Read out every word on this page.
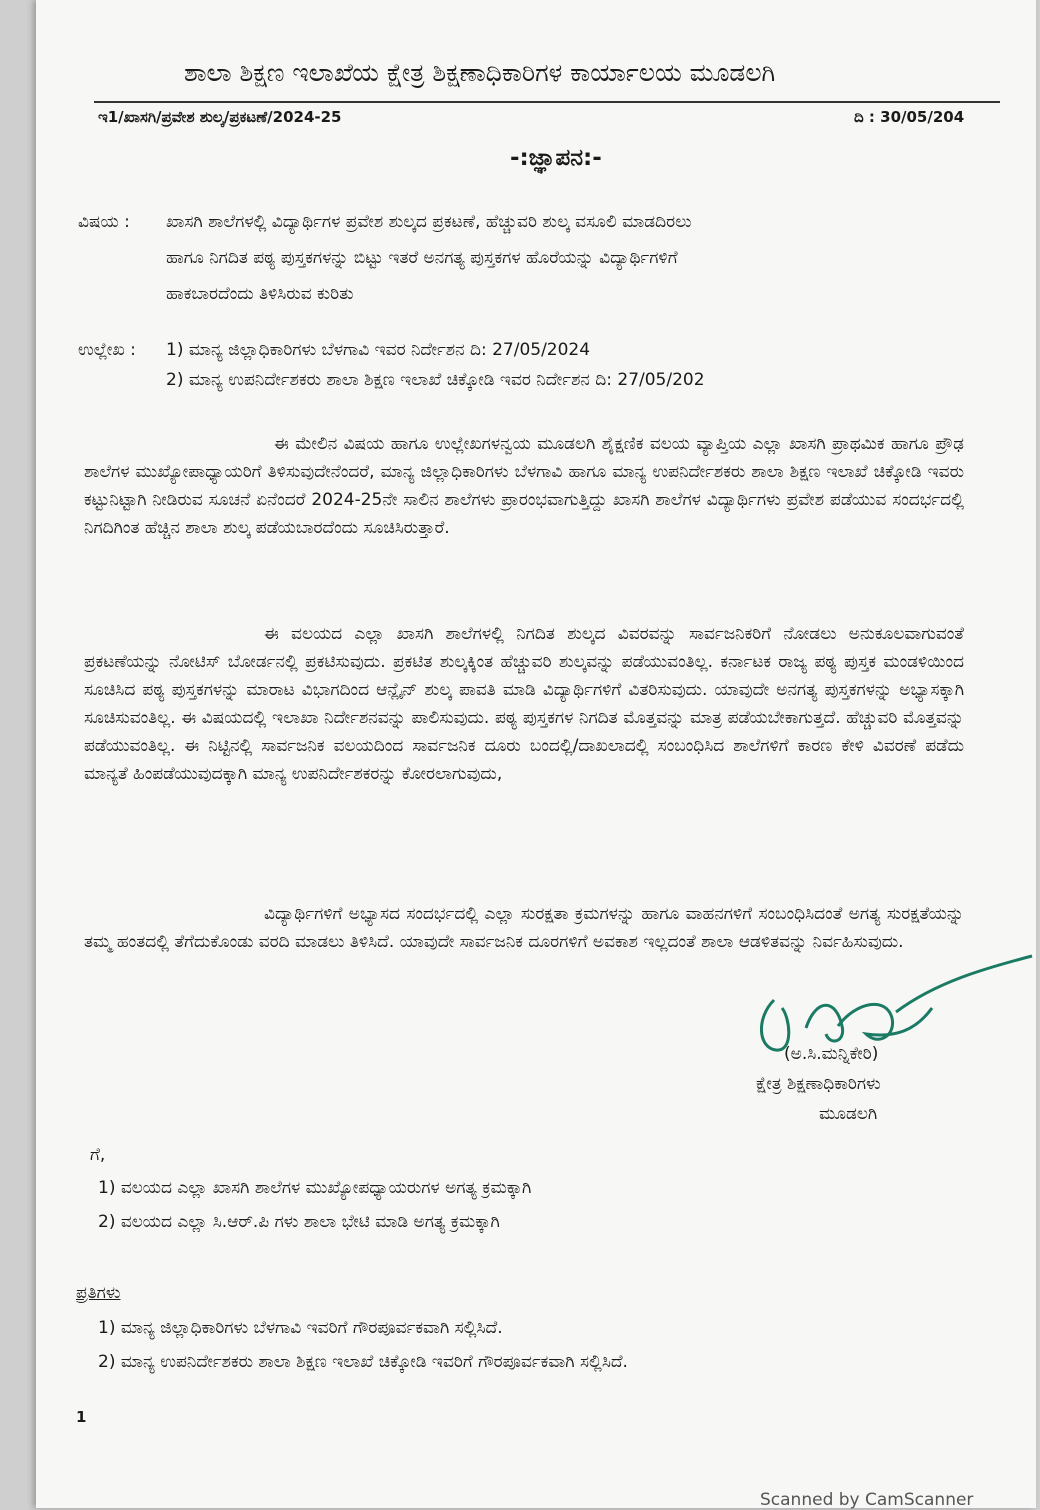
ಶಾಲಾ ಶಿಕ್ಷಣ ಇಲಾಖೆಯ ಕ್ಷೇತ್ರ ಶಿಕ್ಷಣಾಧಿಕಾರಿಗಳ ಕಾರ್ಯಾಲಯ ಮೂಡಲಗಿ
ಇ1/ಖಾಸಗಿ/ಪ್ರವೇಶ ಶುಲ್ಕ/ಪ್ರಕಟಣೆ/2024-25	ದಿ : 30/05/204
-:ಜ್ಞಾಪನ:-
ವಿಷಯ : ಖಾಸಗಿ ಶಾಲೆಗಳಲ್ಲಿ ವಿದ್ಯಾರ್ಥಿಗಳ ಪ್ರವೇಶ ಶುಲ್ಕದ ಪ್ರಕಟಣೆ, ಹೆಚ್ಚುವರಿ ಶುಲ್ಕ ವಸೂಲಿ ಮಾಡದಿರಲು
ಹಾಗೂ ನಿಗದಿತ ಪಠ್ಯ ಪುಸ್ತಕಗಳನ್ನು ಬಿಟ್ಟು ಇತರೆ ಅನಗತ್ಯ ಪುಸ್ತಕಗಳ ಹೊರೆಯನ್ನು ವಿದ್ಯಾರ್ಥಿಗಳಿಗೆ
ಹಾಕಬಾರದೆಂದು ತಿಳಿಸಿರುವ ಕುರಿತು
ಉಲ್ಲೇಖ : 1) ಮಾನ್ಯ ಜಿಲ್ಲಾಧಿಕಾರಿಗಳು ಬೆಳಗಾವಿ ಇವರ ನಿರ್ದೇಶನ ದಿ: 27/05/2024
2) ಮಾನ್ಯ ಉಪನಿರ್ದೇಶಕರು ಶಾಲಾ ಶಿಕ್ಷಣ ಇಲಾಖೆ ಚಿಕ್ಕೋಡಿ ಇವರ ನಿರ್ದೇಶನ ದಿ: 27/05/202
ಈ ಮೇಲಿನ ವಿಷಯ ಹಾಗೂ ಉಲ್ಲೇಖಗಳನ್ವಯ ಮೂಡಲಗಿ ಶೈಕ್ಷಣಿಕ ವಲಯ ವ್ಯಾಪ್ತಿಯ ಎಲ್ಲಾ ಖಾಸಗಿ ಪ್ರಾಥಮಿಕ ಹಾಗೂ ಪ್ರೌಢ ಶಾಲೆಗಳ ಮುಖ್ಯೋಪಾಧ್ಯಾಯರಿಗೆ ತಿಳಿಸುವುದೇನೆಂದರೆ, ಮಾನ್ಯ ಜಿಲ್ಲಾಧಿಕಾರಿಗಳು ಬೆಳಗಾವಿ ಹಾಗೂ ಮಾನ್ಯ ಉಪನಿರ್ದೇಶಕರು ಶಾಲಾ ಶಿಕ್ಷಣ ಇಲಾಖೆ ಚಿಕ್ಕೋಡಿ ಇವರು ಕಟ್ಟುನಿಟ್ಟಾಗಿ ನೀಡಿರುವ ಸೂಚನೆ ಏನೆಂದರೆ 2024-25ನೇ ಸಾಲಿನ ಶಾಲೆಗಳು ಪ್ರಾರಂಭವಾಗುತ್ತಿದ್ದು ಖಾಸಗಿ ಶಾಲೆಗಳ ವಿದ್ಯಾರ್ಥಿಗಳು ಪ್ರವೇಶ ಪಡೆಯುವ ಸಂದರ್ಭದಲ್ಲಿ ನಿಗದಿಗಿಂತ ಹೆಚ್ಚಿನ ಶಾಲಾ ಶುಲ್ಕ ಪಡೆಯಬಾರದೆಂದು ಸೂಚಿಸಿರುತ್ತಾರೆ.
ಈ ವಲಯದ ಎಲ್ಲಾ ಖಾಸಗಿ ಶಾಲೆಗಳಲ್ಲಿ ನಿಗದಿತ ಶುಲ್ಕದ ವಿವರವನ್ನು ಸಾರ್ವಜನಿಕರಿಗೆ ನೋಡಲು ಅನುಕೂಲವಾಗುವಂತೆ ಪ್ರಕಟಣೆಯನ್ನು ನೋಟಿಸ್ ಬೋರ್ಡನಲ್ಲಿ ಪ್ರಕಟಿಸುವುದು. ಪ್ರಕಟಿತ ಶುಲ್ಕಕ್ಕಿಂತ ಹೆಚ್ಚುವರಿ ಶುಲ್ಕವನ್ನು ಪಡೆಯುವಂತಿಲ್ಲ. ಕರ್ನಾಟಕ ರಾಜ್ಯ ಪಠ್ಯ ಪುಸ್ತಕ ಮಂಡಳಿಯಿಂದ ಸೂಚಿಸಿದ ಪಠ್ಯ ಪುಸ್ತಕಗಳನ್ನು ಮಾರಾಟ ವಿಭಾಗದಿಂದ ಆನ್ಲೈನ್ ಶುಲ್ಕ ಪಾವತಿ ಮಾಡಿ ವಿದ್ಯಾರ್ಥಿಗಳಿಗೆ ವಿತರಿಸುವುದು. ಯಾವುದೇ ಅನಗತ್ಯ ಪುಸ್ತಕಗಳನ್ನು ಅಭ್ಯಾಸಕ್ಕಾಗಿ ಸೂಚಿಸುವಂತಿಲ್ಲ. ಈ ವಿಷಯದಲ್ಲಿ ಇಲಾಖಾ ನಿರ್ದೇಶನವನ್ನು ಪಾಲಿಸುವುದು. ಪಠ್ಯ ಪುಸ್ತಕಗಳ ನಿಗದಿತ ಮೊತ್ತವನ್ನು ಮಾತ್ರ ಪಡೆಯಬೇಕಾಗುತ್ತದೆ. ಹೆಚ್ಚುವರಿ ಮೊತ್ತವನ್ನು ಪಡೆಯುವಂತಿಲ್ಲ. ಈ ನಿಟ್ಟಿನಲ್ಲಿ ಸಾರ್ವಜನಿಕ ವಲಯದಿಂದ ಸಾರ್ವಜನಿಕ ದೂರು ಬಂದಲ್ಲಿ/ದಾಖಲಾದಲ್ಲಿ ಸಂಬಂಧಿಸಿದ ಶಾಲೆಗಳಿಗೆ ಕಾರಣ ಕೇಳಿ ವಿವರಣೆ ಪಡೆದು ಮಾನ್ಯತೆ ಹಿಂಪಡೆಯುವುದಕ್ಕಾಗಿ ಮಾನ್ಯ ಉಪನಿರ್ದೇಶಕರನ್ನು ಕೋರಲಾಗುವುದು,
ವಿದ್ಯಾರ್ಥಿಗಳಿಗೆ ಅಭ್ಯಾಸದ ಸಂದರ್ಭದಲ್ಲಿ ಎಲ್ಲಾ ಸುರಕ್ಷತಾ ಕ್ರಮಗಳನ್ನು ಹಾಗೂ ವಾಹನಗಳಿಗೆ ಸಂಬಂಧಿಸಿದಂತೆ ಅಗತ್ಯ ಸುರಕ್ಷತೆಯನ್ನು ತಮ್ಮ ಹಂತದಲ್ಲಿ ತೆಗೆದುಕೊಂಡು ವರದಿ ಮಾಡಲು ತಿಳಿಸಿದೆ. ಯಾವುದೇ ಸಾರ್ವಜನಿಕ ದೂರಗಳಿಗೆ ಅವಕಾಶ ಇಲ್ಲದಂತೆ ಶಾಲಾ ಆಡಳಿತವನ್ನು ನಿರ್ವಹಿಸುವುದು.
(ಅ.ಸಿ.ಮನ್ನಿಕೇರಿ)
ಕ್ಷೇತ್ರ ಶಿಕ್ಷಣಾಧಿಕಾರಿಗಳು
ಮೂಡಲಗಿ
ಗೆ,
1) ವಲಯದ ಎಲ್ಲಾ ಖಾಸಗಿ ಶಾಲೆಗಳ ಮುಖ್ಯೋಪಧ್ಯಾಯರುಗಳ ಅಗತ್ಯ ಕ್ರಮಕ್ಕಾಗಿ
2) ವಲಯದ ಎಲ್ಲಾ ಸಿ.ಆರ್.ಪಿ ಗಳು ಶಾಲಾ ಭೇಟಿ ಮಾಡಿ ಅಗತ್ಯ ಕ್ರಮಕ್ಕಾಗಿ
ಪ್ರತಿಗಳು
1) ಮಾನ್ಯ ಜಿಲ್ಲಾಧಿಕಾರಿಗಳು ಬೆಳಗಾವಿ ಇವರಿಗೆ ಗೌರಪೂರ್ವಕವಾಗಿ ಸಲ್ಲಿಸಿದೆ.
2) ಮಾನ್ಯ ಉಪನಿರ್ದೇಶಕರು ಶಾಲಾ ಶಿಕ್ಷಣ ಇಲಾಖೆ ಚಿಕ್ಕೋಡಿ ಇವರಿಗೆ ಗೌರಪೂರ್ವಕವಾಗಿ ಸಲ್ಲಿಸಿದೆ.
1
Scanned by CamScanner
